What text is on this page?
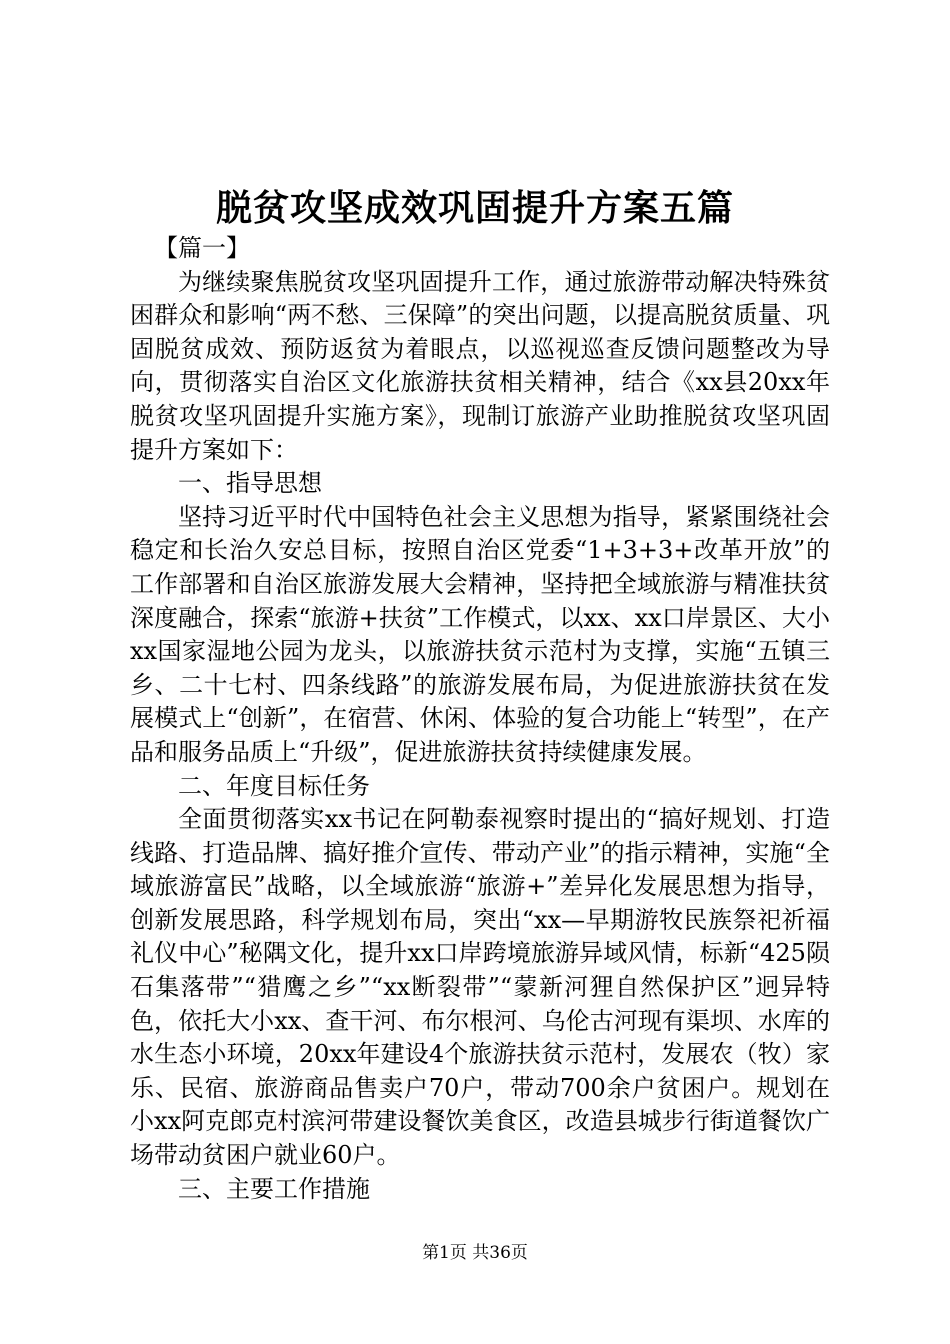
脱贫攻坚成效巩固提升方案五篇

【篇一】

为继续聚焦脱贫攻坚巩固提升工作，通过旅游带动解决特殊贫困群众和影响“两不愁、三保障”的突出问题，以提高脱贫质量、巩固脱贫成效、预防返贫为着眼点，以巡视巡查反馈问题整改为导向，贯彻落实自治区文化旅游扶贫相关精神，结合《xx县20xx年脱贫攻坚巩固提升实施方案》，现制订旅游产业助推脱贫攻坚巩固提升方案如下：

一、指导思想

坚持习近平时代中国特色社会主义思想为指导，紧紧围绕社会稳定和长治久安总目标，按照自治区党委“1+3+3+改革开放”的工作部署和自治区旅游发展大会精神，坚持把全域旅游与精准扶贫深度融合，探索“旅游+扶贫”工作模式，以xx、xx口岸景区、大小xx国家湿地公园为龙头，以旅游扶贫示范村为支撑，实施“五镇三乡、二十七村、四条线路”的旅游发展布局，为促进旅游扶贫在发展模式上“创新”，在宿营、休闲、体验的复合功能上“转型”，在产品和服务品质上“升级”，促进旅游扶贫持续健康发展。

二、年度目标任务

全面贯彻落实xx书记在阿勒泰视察时提出的“搞好规划、打造线路、打造品牌、搞好推介宣传、带动产业”的指示精神，实施“全域旅游富民”战略，以全域旅游“旅游+”差异化发展思想为指导，创新发展思路，科学规划布局，突出“xx—早期游牧民族祭祀祈福礼仪中心”秘隅文化，提升xx口岸跨境旅游异域风情，标新“425陨石集落带”“猎鹰之乡”“xx断裂带”“蒙新河狸自然保护区”迥异特色，依托大小xx、查干河、布尔根河、乌伦古河现有渠坝、水库的水生态小环境，20xx年建设4个旅游扶贫示范村，发展农（牧）家乐、民宿、旅游商品售卖户70户，带动700余户贫困户。规划在小xx阿克郎克村滨河带建设餐饮美食区，改造县城步行街道餐饮广场带动贫困户就业60户。

三、主要工作措施

第1页 共36页
